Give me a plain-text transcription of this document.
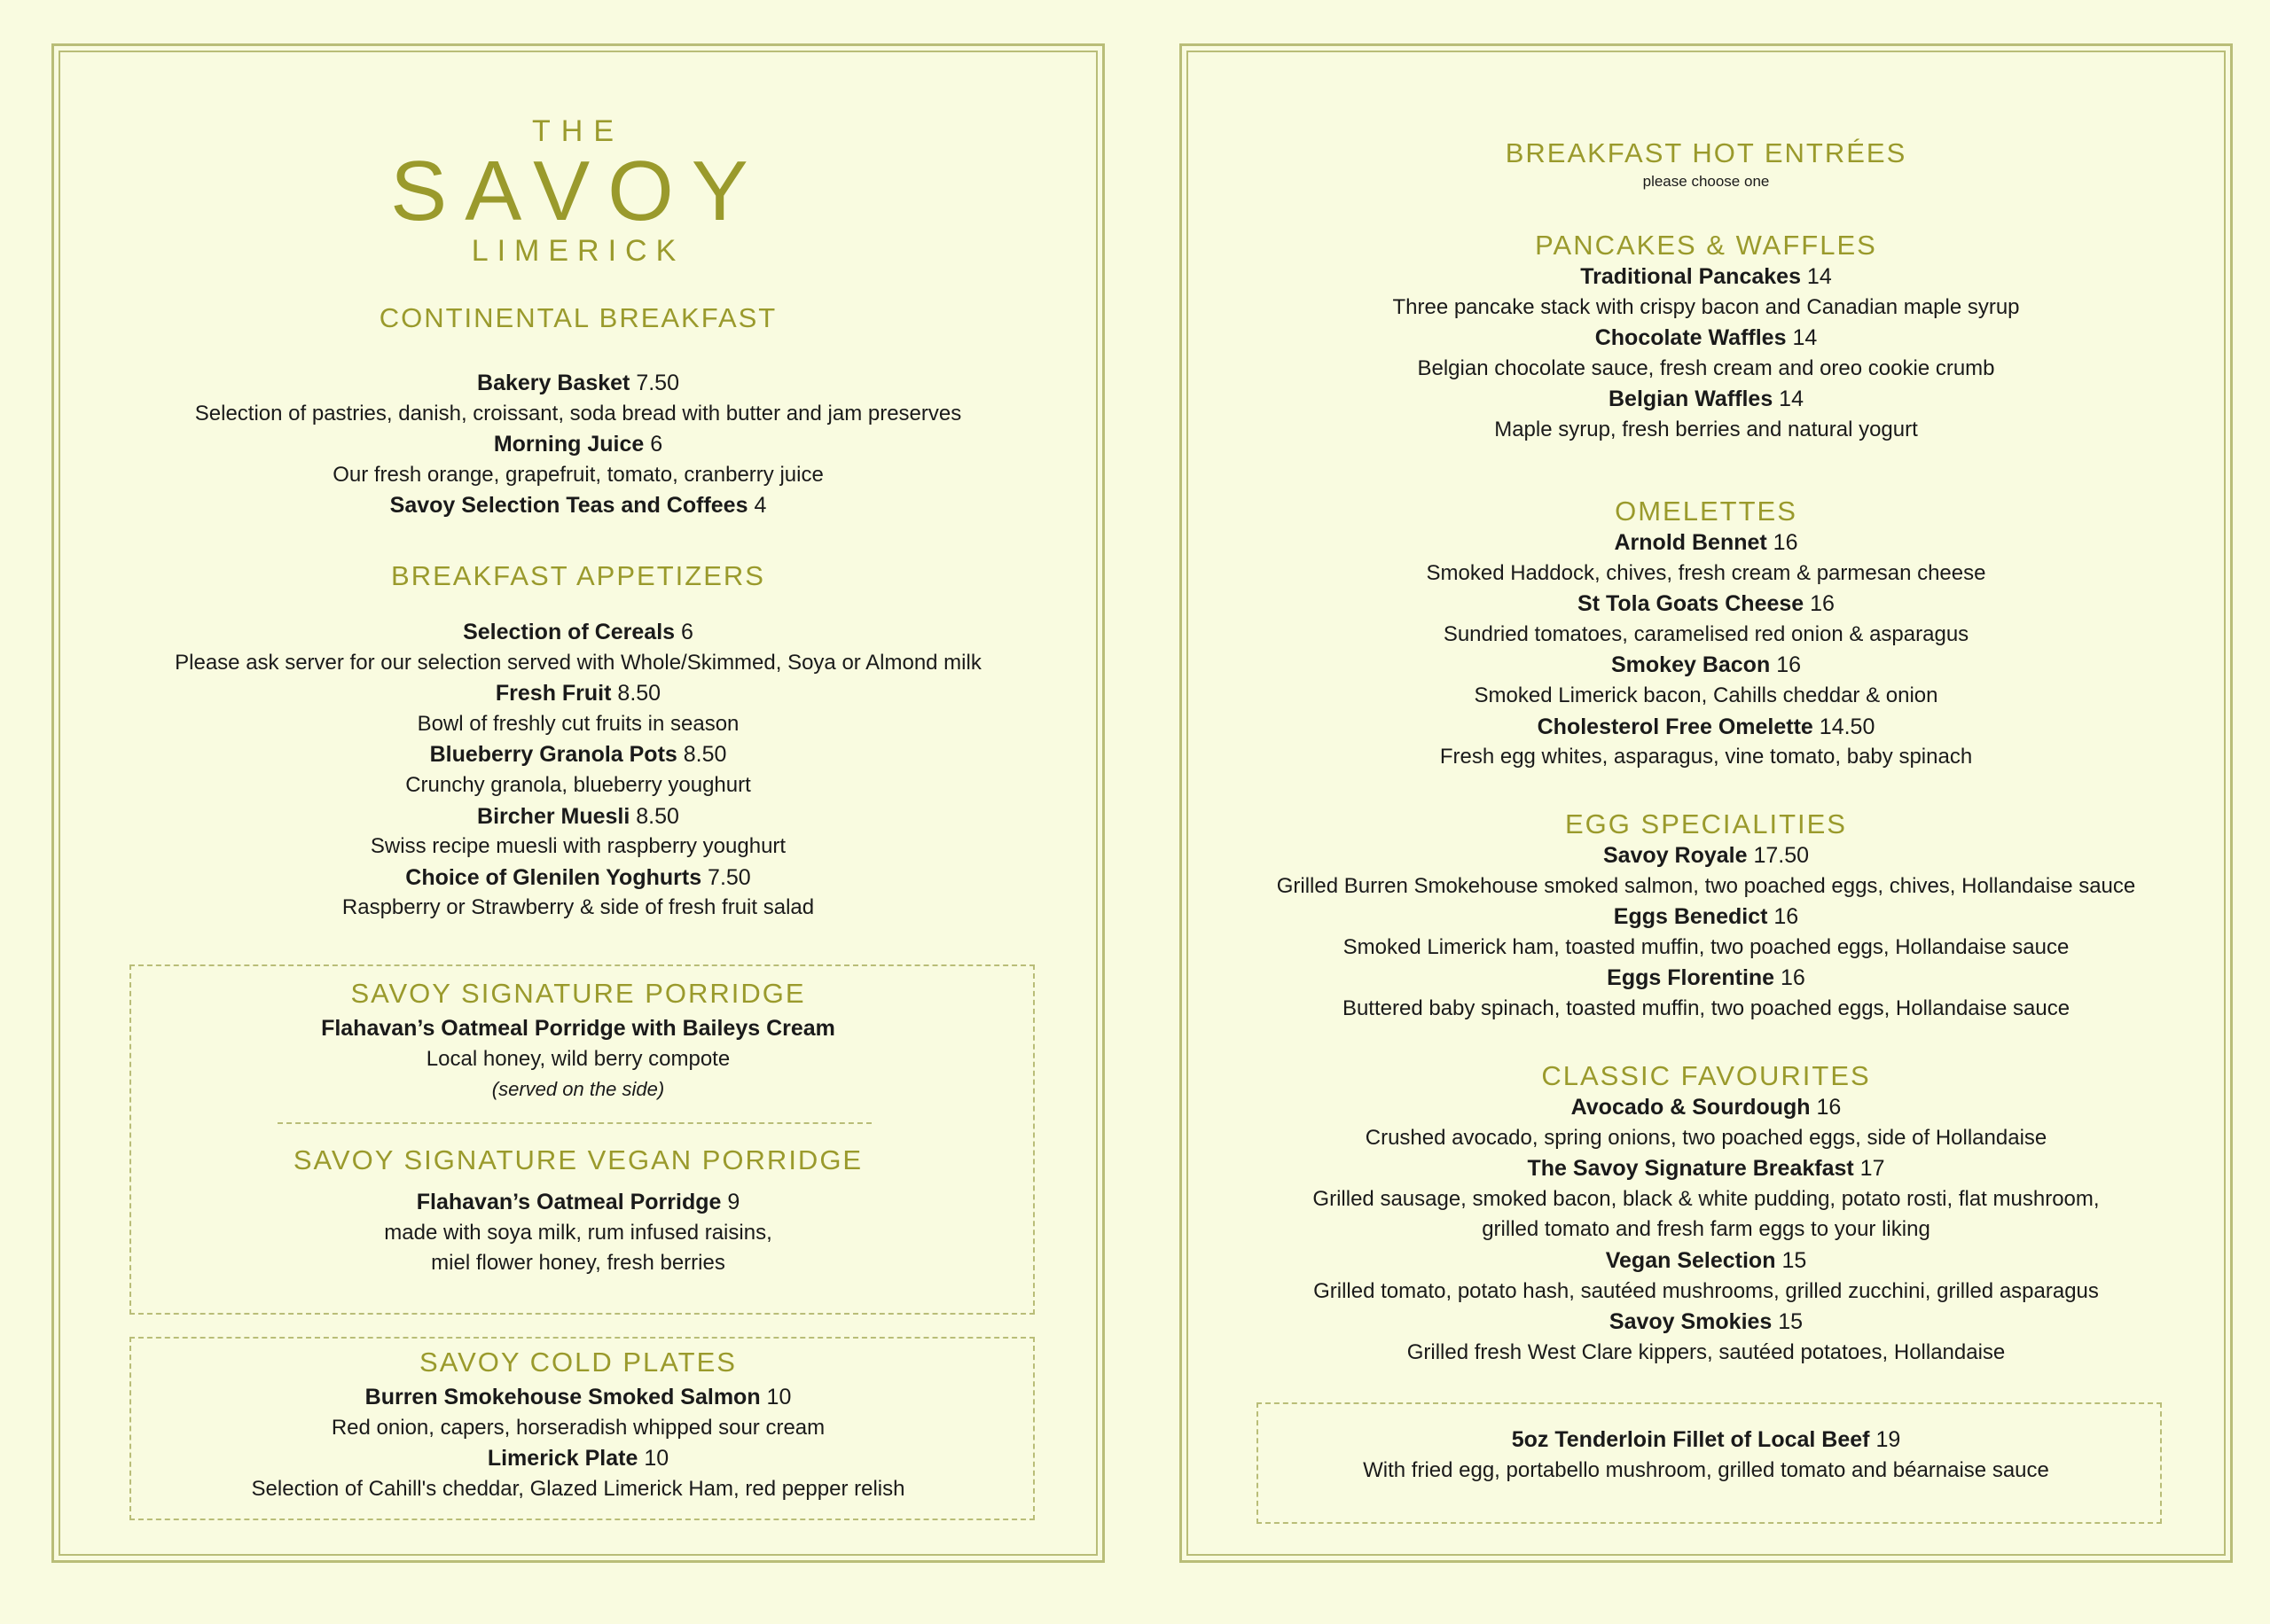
THE
SAVOY
LIMERICK
CONTINENTAL BREAKFAST
Bakery Basket 7.50
Selection of pastries, danish, croissant, soda bread with butter and jam preserves
Morning Juice 6
Our fresh orange, grapefruit, tomato, cranberry juice
Savoy Selection Teas and Coffees 4
BREAKFAST APPETIZERS
Selection of Cereals 6
Please ask server for our selection served with Whole/Skimmed, Soya or Almond milk
Fresh Fruit 8.50
Bowl of freshly cut fruits in season
Blueberry Granola Pots 8.50
Crunchy granola, blueberry youghurt
Bircher Muesli 8.50
Swiss recipe muesli with raspberry youghurt
Choice of Glenilen Yoghurts 7.50
Raspberry or Strawberry & side of fresh fruit salad
SAVOY SIGNATURE PORRIDGE
Flahavan’s Oatmeal Porridge with Baileys Cream
Local honey, wild berry compote
(served on the side)
SAVOY SIGNATURE VEGAN PORRIDGE
Flahavan’s Oatmeal Porridge 9
made with soya milk, rum infused raisins,
miel flower honey, fresh berries
SAVOY COLD PLATES
Burren Smokehouse Smoked Salmon 10
Red onion, capers, horseradish whipped sour cream
Limerick Plate 10
Selection of Cahill's cheddar, Glazed Limerick Ham, red pepper relish
BREAKFAST HOT ENTRÉES
please choose one
PANCAKES & WAFFLES
Traditional Pancakes 14
Three pancake stack with crispy bacon and Canadian maple syrup
Chocolate Waffles 14
Belgian chocolate sauce, fresh cream and oreo cookie crumb
Belgian Waffles 14
Maple syrup, fresh berries and natural yogurt
OMELETTES
Arnold Bennet 16
Smoked Haddock, chives, fresh cream & parmesan cheese
St Tola Goats Cheese 16
Sundried tomatoes, caramelised red onion & asparagus
Smokey Bacon 16
Smoked Limerick bacon, Cahills cheddar & onion
Cholesterol Free Omelette 14.50
Fresh egg whites, asparagus, vine tomato, baby spinach
EGG SPECIALITIES
Savoy Royale 17.50
Grilled Burren Smokehouse smoked salmon, two poached eggs, chives, Hollandaise sauce
Eggs Benedict 16
Smoked Limerick ham, toasted muffin, two poached eggs, Hollandaise sauce
Eggs Florentine 16
Buttered baby spinach, toasted muffin, two poached eggs, Hollandaise sauce
CLASSIC FAVOURITES
Avocado & Sourdough 16
Crushed avocado, spring onions, two poached eggs, side of Hollandaise
The Savoy Signature Breakfast 17
Grilled sausage, smoked bacon, black & white pudding, potato rosti, flat mushroom,
grilled tomato and fresh farm eggs to your liking
Vegan Selection 15
Grilled tomato, potato hash, sautéed mushrooms, grilled zucchini, grilled asparagus
Savoy Smokies 15
Grilled fresh West Clare kippers, sautéed potatoes, Hollandaise
5oz Tenderloin Fillet of Local Beef 19
With fried egg, portabello mushroom, grilled tomato and béarnaise sauce
